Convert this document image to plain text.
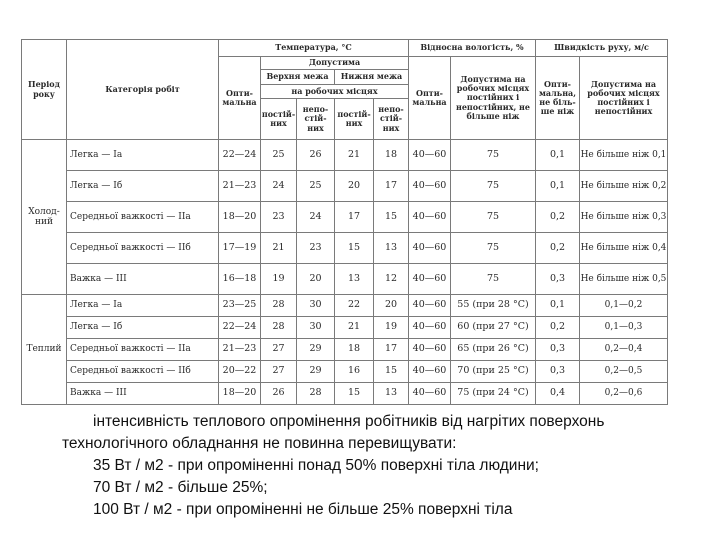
Період року	Категорія робіт	Температура, °С					Відносна вологість, %		Швидкість руху, м/с	
		Опти-мальна	Допустима				Опти-мальна	Допустима на робочих місцях постійних і непостійних, не більше ніж	Опти-мальна, не біль-ше ніж	Допустима на робочих місцях постійних і непостійних
			Верхня межа		Нижня межа					
			на робочих місцях							
			постій-них	непо-стій-них	постій-них	непо-стій-них				
Холод-ний	Легка — Іа	22—24	25	26	21	18	40—60	75	0,1	Не більше ніж 0,1
	Легка — Іб	21—23	24	25	20	17	40—60	75	0,1	Не більше ніж 0,2
	Середньої важкості — ІІа	18—20	23	24	17	15	40—60	75	0,2	Не більше ніж 0,3
	Середньої важкості — ІІб	17—19	21	23	15	13	40—60	75	0,2	Не більше ніж 0,4
	Важка — ІІІ	16—18	19	20	13	12	40—60	75	0,3	Не більше ніж 0,5
Теплий	Легка — Іа	23—25	28	30	22	20	40—60	55 (при 28 °С)	0,1	0,1—0,2
	Легка — Іб	22—24	28	30	21	19	40—60	60 (при 27 °С)	0,2	0,1—0,3
	Середньої важкості — ІІа	21—23	27	29	18	17	40—60	65 (при 26 °С)	0,3	0,2—0,4
	Середньої важкості — ІІб	20—22	27	29	16	15	40—60	70 (при 25 °С)	0,3	0,2—0,5
	Важка — ІІІ	18—20	26	28	15	13	40—60	75 (при 24 °С)	0,4	0,2—0,6

інтенсивність теплового опромінення робітників від нагрітих поверхонь

технологічного обладнання не повинна перевищувати:

35 Вт / м2 - при опроміненні понад 50% поверхні тіла людини;

70 Вт / м2 - більше 25%;

100 Вт / м2 - при опроміненні не більше 25% поверхні тіла
